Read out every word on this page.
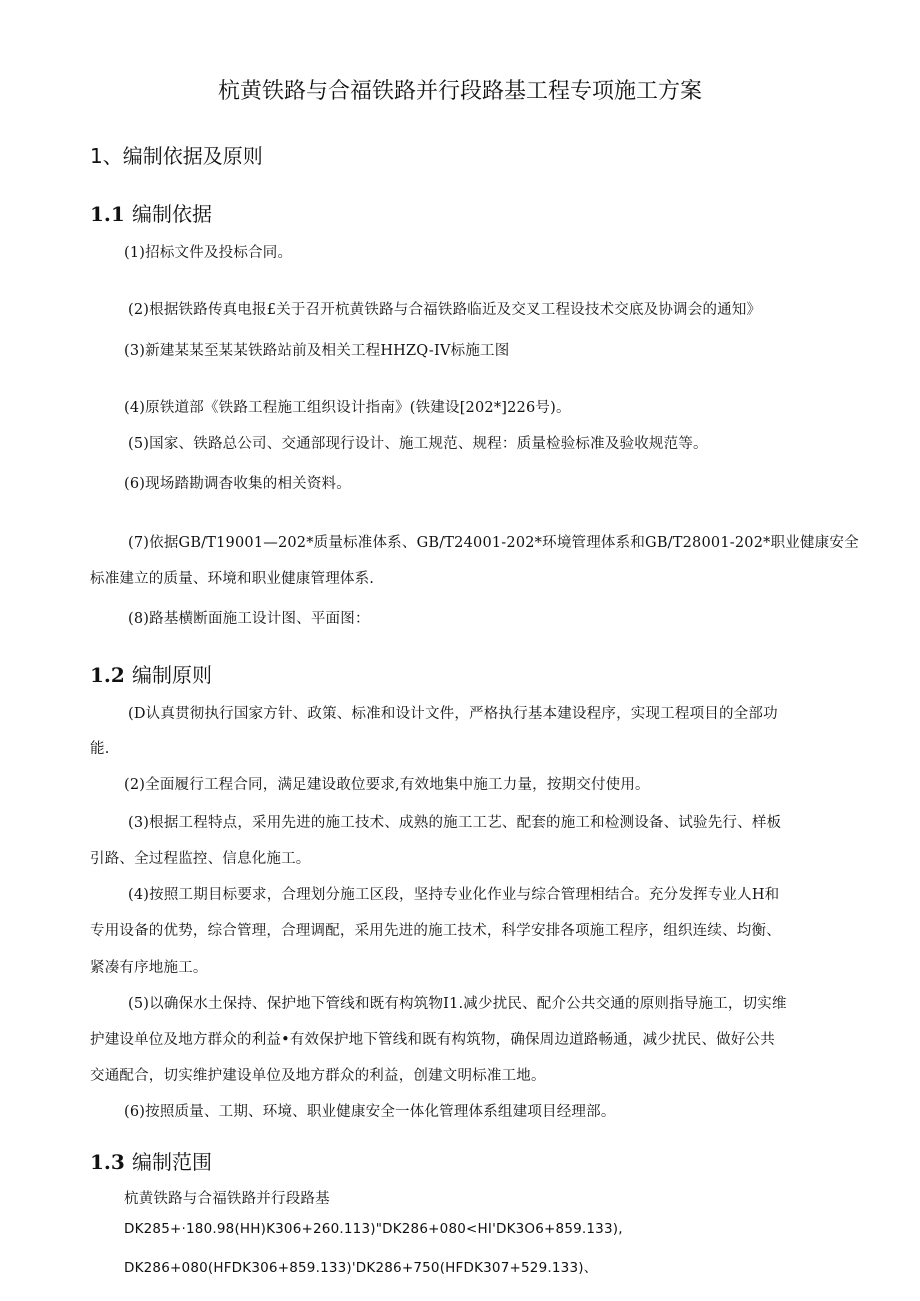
杭黄铁路与合福铁路并行段路基工程专项施工方案
1、编制依据及原则
1.1 编制依据
(1)招标文件及投标合同。
(2)根据铁路传真电报£关于召开杭黄铁路与合福铁路临近及交叉工程设技术交底及协调会的通知》
(3)新建某某至某某铁路站前及相关工程HHZQ-IV标施工图
(4)原铁道部《铁路工程施工组织设计指南》(铁建设[202*]226号)。
(5)国家、铁路总公司、交通部现行设计、施工规范、规程：质量检验标准及验收规范等。
(6)现场踏勘调杳收集的相关资料。
(7)依据GB/T19001—202*质量标准体系、GB/T24001-202*环境管理体系和GB/T28001-202*职业健康安全
标准建立的质量、环境和职业健康管理体系.
(8)路基横断面施工设计图、平面图：
1.2 编制原则
(D认真贯彻执行国家方针、政策、标准和设计文件，严格执行基本建设程序，实现工程项目的全部功
能.
(2)全面履行工程合同，满足建设敢位要求,有效地集中施工力量，按期交付使用。
(3)根据工程特点，采用先进的施工技术、成熟的施工工艺、配套的施工和检测设备、试验先行、样板
引路、全过程监控、信息化施工。
(4)按照工期目标要求，合理划分施工区段，坚持专业化作业与综合管理相结合。充分发挥专业人H和
专用设备的优势，综合管理，合理调配，采用先进的施工技术，科学安排各项施工程序，组织连续、均衡、
紧凑有序地施工。
(5)以确保水土保持、保护地下管线和既有构筑物I1.减少扰民、配介公共交通的原则指导施工，切实维
护建设单位及地方群众的利益•有效保护地下管线和既有构筑物，确保周边道路畅通，减少扰民、做好公共
交通配合，切实维护建设单位及地方群众的利益，创建文明标准工地。
(6)按照质量、工期、环境、职业健康安全一体化管理体系组建项目经理部。
1.3 编制范围
杭黄铁路与合福铁路并行段路基
DK285+·180.98(HH)K306+260.113)"DK286+080<HI'DK3O6+859.133),
DK286+080(HFDK306+859.133)'DK286+750(HFDK307+529.133)、
